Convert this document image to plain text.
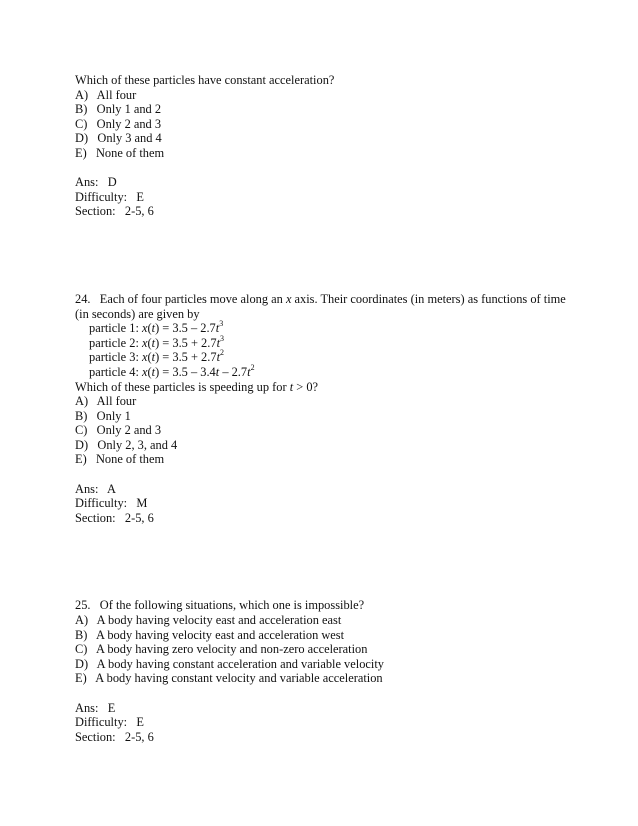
Which of these particles have constant acceleration?
A)   All four
B)   Only 1 and 2
C)   Only 2 and 3
D)   Only 3 and 4
E)   None of them
Ans:   D
Difficulty:   E
Section:   2-5, 6
24. Each of four particles move along an x axis. Their coordinates (in meters) as functions of time (in seconds) are given by
particle 1: $x(t) = 3.5 - 2.7t^3$
particle 2: $x(t) = 3.5 + 2.7t^3$
particle 3: $x(t) = 3.5 + 2.7t^2$
particle 4: $x(t) = 3.5 - 3.4t - 2.7t^2$
Which of these particles is speeding up for t > 0?
A)   All four
B)   Only 1
C)   Only 2 and 3
D)   Only 2, 3, and 4
E)   None of them
Ans:   A
Difficulty:   M
Section:   2-5, 6
25. Of the following situations, which one is impossible?
A)   A body having velocity east and acceleration east
B)   A body having velocity east and acceleration west
C)   A body having zero velocity and non-zero acceleration
D)   A body having constant acceleration and variable velocity
E)   A body having constant velocity and variable acceleration
Ans:   E
Difficulty:   E
Section:   2-5, 6
